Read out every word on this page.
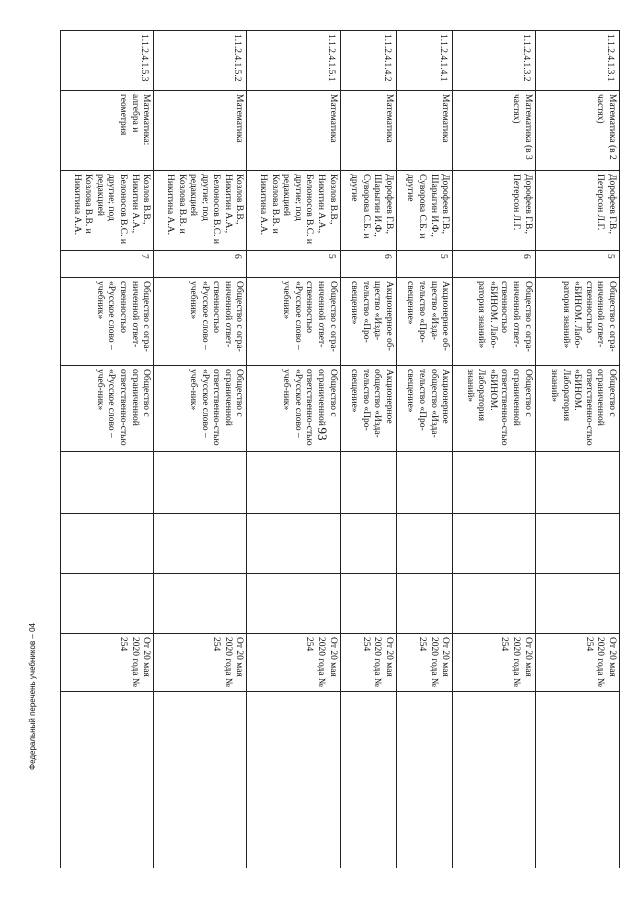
93
1.1.2.4.1.3.1	Математика (в 2 частях)	Дорофеев Г.В., Петерсон Л.Г.	5	Общество с огра-ниченной ответ-ственностью «БИНОМ. Лабо-ратория знаний»	Общество с ограниченной ответственно-стью «БИНОМ. Лаборатория знаний»				От 20 мая 2020 года № 254	
1.1.2.4.1.3.2	Математика (в 3 частях)	Дорофеев Г.В., Петерсон Л.Г.	6	Общество с огра-ниченной ответ-ственностью «БИНОМ. Лабо-ратория знаний»	Общество с ограниченной ответственно-стью «БИНОМ. Лаборатория знаний»				От 20 мая 2020 года № 254	
1.1.2.4.1.4.1	Математика	Дорофеев Г.В., Шарыгин И.Ф., Суворова С.Б. и другие	5	Акционерное об-щество «Изда-тельство «Про-свещение»	Акционерное общество «Изда-тельство «Про-свещение»				От 20 мая 2020 года № 254	
1.1.2.4.1.4.2	Математика	Дорофеев Г.В., Шарыгин И.Ф., Суворова С.Б. и другие	6	Акционерное об-щество «Изда-тельство «Про-свещение»	Акционерное общество «Изда-тельство «Про-свещение»				От 20 мая 2020 года № 254	
1.1.2.4.1.5.1	Математика	Козлов В.В., Никитин А.А., Белоносов В.С. и другие; под редакцией Козлова В.В. и Никитина А.А.	5	Общество с огра-ниченной ответ-ственностью «Русское слово – учебник»	Общество с ограниченной ответственно-стью «Русское слово – учеб-ник»				От 20 мая 2020 года № 254	
1.1.2.4.1.5.2	Математика	Козлов В.В., Никитин А.А., Белоносов В.С. и другие; под редакцией Козлова В.В. и Никитина А.А.	6	Общество с огра-ниченной ответ-ственностью «Русское слово – учебник»	Общество с ограниченной ответственно-стью «Русское слово – учеб-ник»				От 20 мая 2020 года № 254	
1.1.2.4.1.5.3	Математика: алгебра и геометрия	Козлов В.В., Никитин А.А., Белоносов В.С. и другие; под редакцией Козлова В.В. и Никитина А.А.	7	Общество с огра-ниченной ответ-ственностью «Русское слово – учебник»	Общество с ограниченной ответственно-стью «Русское слово – учеб-ник»				От 20 мая 2020 года № 254	
Федеральный перечень учебников – 04
